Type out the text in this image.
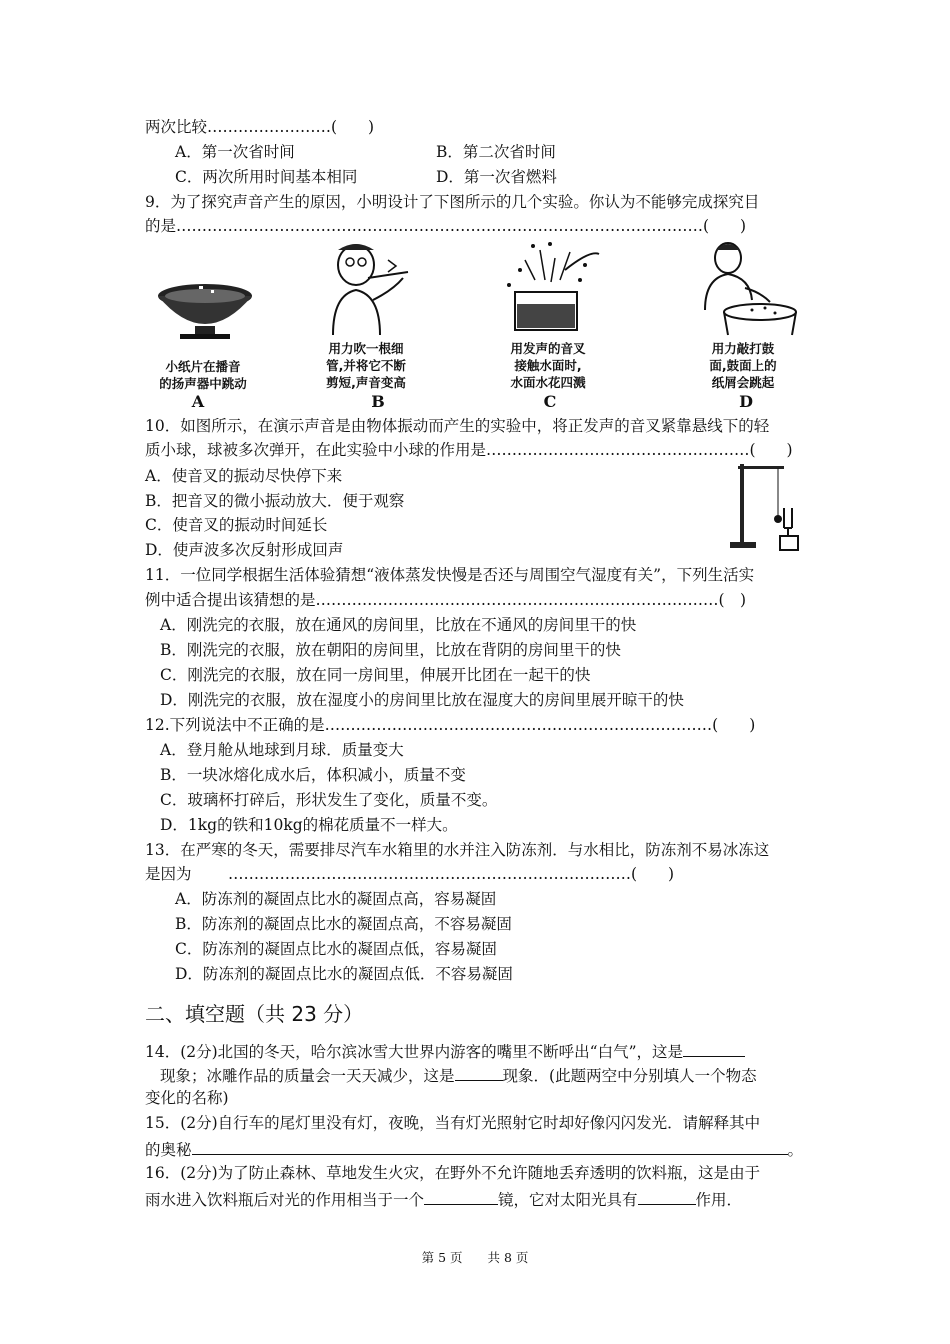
两次比较……………………(　　)
A．第一次省时间	B．第二次省时间
C．两次所用时间基本相同	D．第一次省燃料
9．为了探究声音产生的原因，小明设计了下图所示的几个实验。你认为不能够完成探究目
的是…………………………………………………………………………………………(　　)
小纸片在播音
的扬声器中跳动
A
用力吹一根细
管,并将它不断
剪短,声音变高
B
用发声的音叉
接触水面时,
水面水花四溅
C
用力敲打鼓
面,鼓面上的
纸屑会跳起
D
10．如图所示，在演示声音是由物体振动而产生的实验中，将正发声的音叉紧靠悬线下的轻
质小球，球被多次弹开，在此实验中小球的作用是……………………………………………(　　)
A．使音叉的振动尽快停下来
B．把音叉的微小振动放大．便于观察
C．使音叉的振动时间延长
D．使声波多次反射形成回声
11．一位同学根据生活体验猜想“液体蒸发快慢是否还与周围空气湿度有关”，下列生活实
例中适合提出该猜想的是……………………………………………………………………(　)
A．刚洗完的衣服，放在通风的房间里，比放在不通风的房间里干的快
B．刚洗完的衣服，放在朝阳的房间里，比放在背阴的房间里干的快
C．刚洗完的衣服，放在同一房间里，伸展开比团在一起干的快
D．刚洗完的衣服，放在湿度小的房间里比放在湿度大的房间里展开晾干的快
12.下列说法中不正确的是…………………………………………………………………(　　)
A．登月舱从地球到月球．质量变大
B．一块冰熔化成水后，体积减小，质量不变
C．玻璃杯打碎后，形状发生了变化，质量不变。
D．1kg的铁和10kg的棉花质量不一样大。
13．在严寒的冬天，需要排尽汽车水箱里的水并注入防冻剂．与水相比，防冻剂不易冰冻这
是因为 ……………………………………………………………………(　　)
A．防冻剂的凝固点比水的凝固点高，容易凝固
B．防冻剂的凝固点比水的凝固点高，不容易凝固
C．防冻剂的凝固点比水的凝固点低，容易凝固
D．防冻剂的凝固点比水的凝固点低．不容易凝固
二、填空题（共 23 分）
14．(2分)北国的冬天，哈尔滨冰雪大世界内游客的嘴里不断呼出“白气”，这是
现象；冰雕作品的质量会一天天减少，这是	现象．(此题两空中分别填人一个物态
变化的名称)
15．(2分)自行车的尾灯里没有灯，夜晚，当有灯光照射它时却好像闪闪发光．请解释其中
的奥秘	。
16．(2分)为了防止森林、草地发生火灾，在野外不允许随地丢弃透明的饮料瓶，这是由于
雨水进入饮料瓶后对光的作用相当于一个	镜，它对太阳光具有	作用．
第 5 页　　共 8 页
